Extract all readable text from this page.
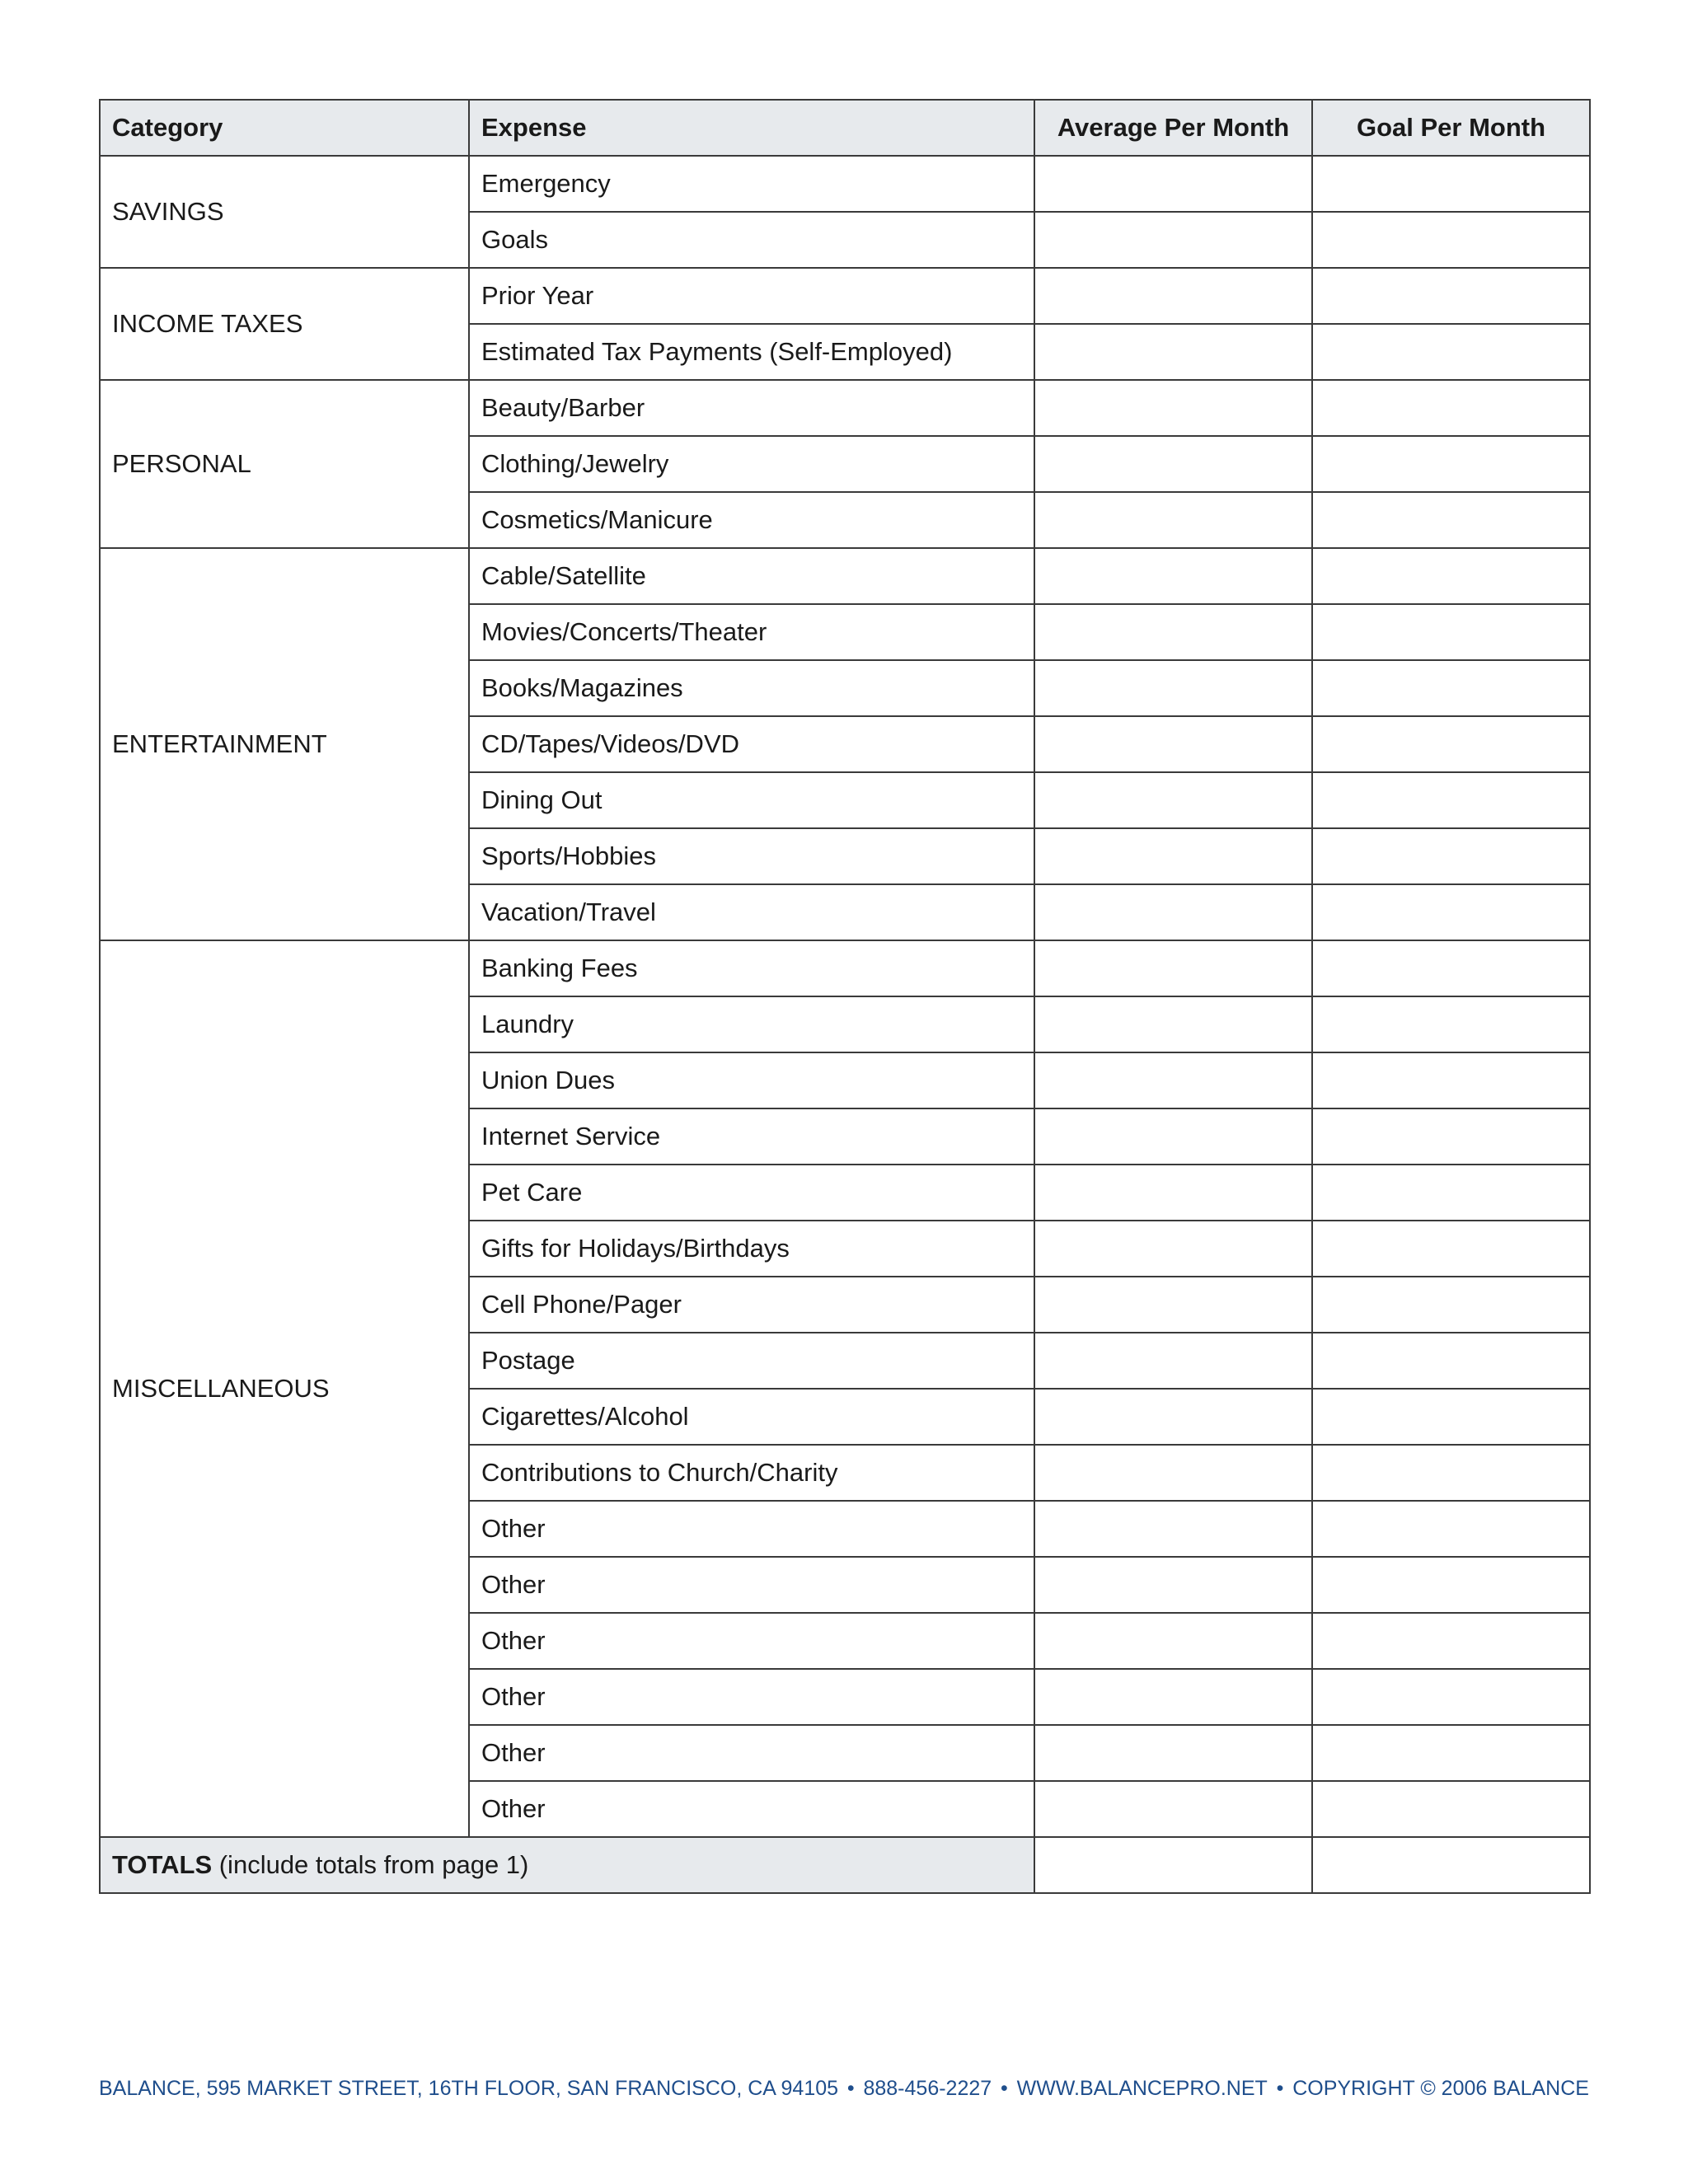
Category	Expense	Average Per Month	Goal Per Month
SAVINGS	Emergency		
	Goals		
INCOME TAXES	Prior Year		
	Estimated Tax Payments (Self-Employed)		
PERSONAL	Beauty/Barber		
	Clothing/Jewelry		
	Cosmetics/Manicure		
ENTERTAINMENT	Cable/Satellite		
	Movies/Concerts/Theater		
	Books/Magazines		
	CD/Tapes/Videos/DVD		
	Dining Out		
	Sports/Hobbies		
	Vacation/Travel		
MISCELLANEOUS	Banking Fees		
	Laundry		
	Union Dues		
	Internet Service		
	Pet Care		
	Gifts for Holidays/Birthdays		
	Cell Phone/Pager		
	Postage		
	Cigarettes/Alcohol		
	Contributions to Church/Charity		
	Other		
	Other		
	Other		
	Other		
	Other		
	Other		
TOTALS (include totals from page 1)			
BALANCE, 595 MARKET STREET, 16TH FLOOR, SAN FRANCISCO, CA 94105 • 888-456-2227 • WWW.BALANCEPRO.NET • COPYRIGHT © 2006 BALANCE
